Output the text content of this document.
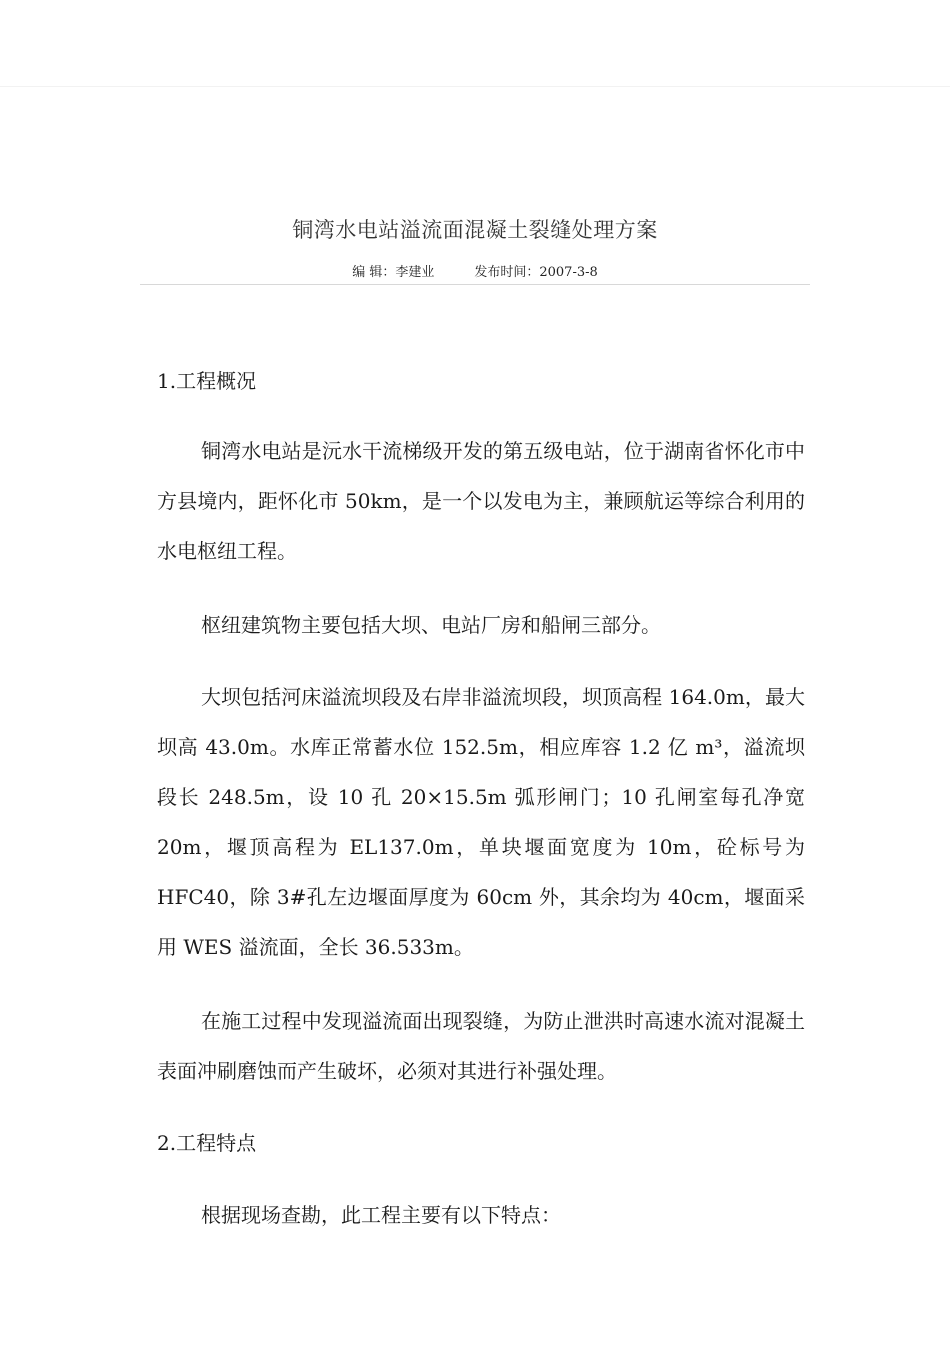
铜湾水电站溢流面混凝土裂缝处理方案
编 辑：李建业	发布时间：2007-3-8
1.工程概况

铜湾水电站是沅水干流梯级开发的第五级电站，位于湖南省怀化市中方县境内，距怀化市 50km，是一个以发电为主，兼顾航运等综合利用的水电枢纽工程。

枢纽建筑物主要包括大坝、电站厂房和船闸三部分。

大坝包括河床溢流坝段及右岸非溢流坝段，坝顶高程 164.0m，最大坝高 43.0m。水库正常蓄水位 152.5m，相应库容 1.2 亿 m³，溢流坝段长 248.5m，设 10 孔 20×15.5m 弧形闸门；10 孔闸室每孔净宽 20m，堰顶高程为 EL137.0m，单块堰面宽度为 10m，砼标号为 HFC40，除 3#孔左边堰面厚度为 60cm 外，其余均为 40cm，堰面采用 WES 溢流面，全长 36.533m。

在施工过程中发现溢流面出现裂缝，为防止泄洪时高速水流对混凝土表面冲刷磨蚀而产生破坏，必须对其进行补强处理。

2.工程特点

根据现场查勘，此工程主要有以下特点：
